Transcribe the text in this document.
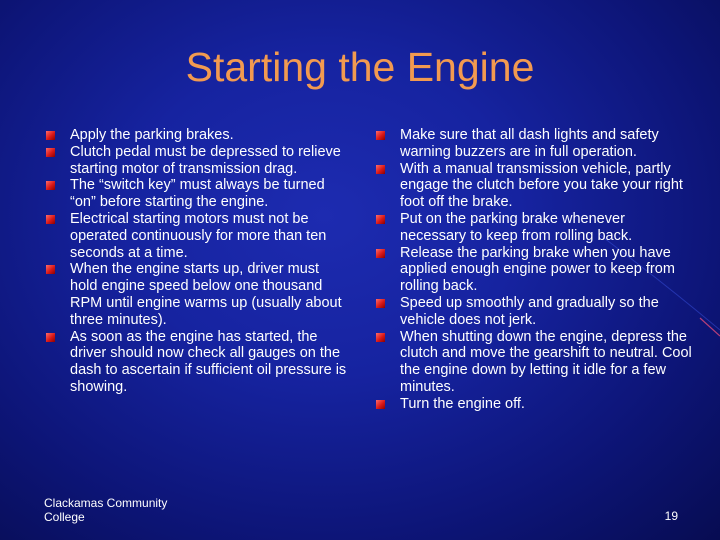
Starting the Engine
Apply the parking brakes.
Clutch pedal must be depressed to relieve starting motor of transmission drag.
The “switch key” must always be turned “on” before starting the engine.
Electrical starting motors must not be operated continuously for more than ten seconds at a time.
When the engine starts up, driver must hold engine speed below one thousand RPM until engine warms up (usually about three minutes).
As soon as the engine has started, the driver should now check all gauges on the dash to ascertain if sufficient oil pressure is showing.
Make sure that all dash lights and safety warning buzzers are in full operation.
With a manual transmission vehicle, partly engage the clutch before you take your right foot off the brake.
Put on the parking brake whenever necessary to keep from rolling back.
Release the parking brake when you have applied enough engine power to keep from rolling back.
Speed up smoothly and gradually so the vehicle does not jerk.
When shutting down the engine, depress the clutch and move the gearshift to neutral. Cool the engine down by letting it idle for a few minutes.
Turn the engine off.
Clackamas Community College	19
